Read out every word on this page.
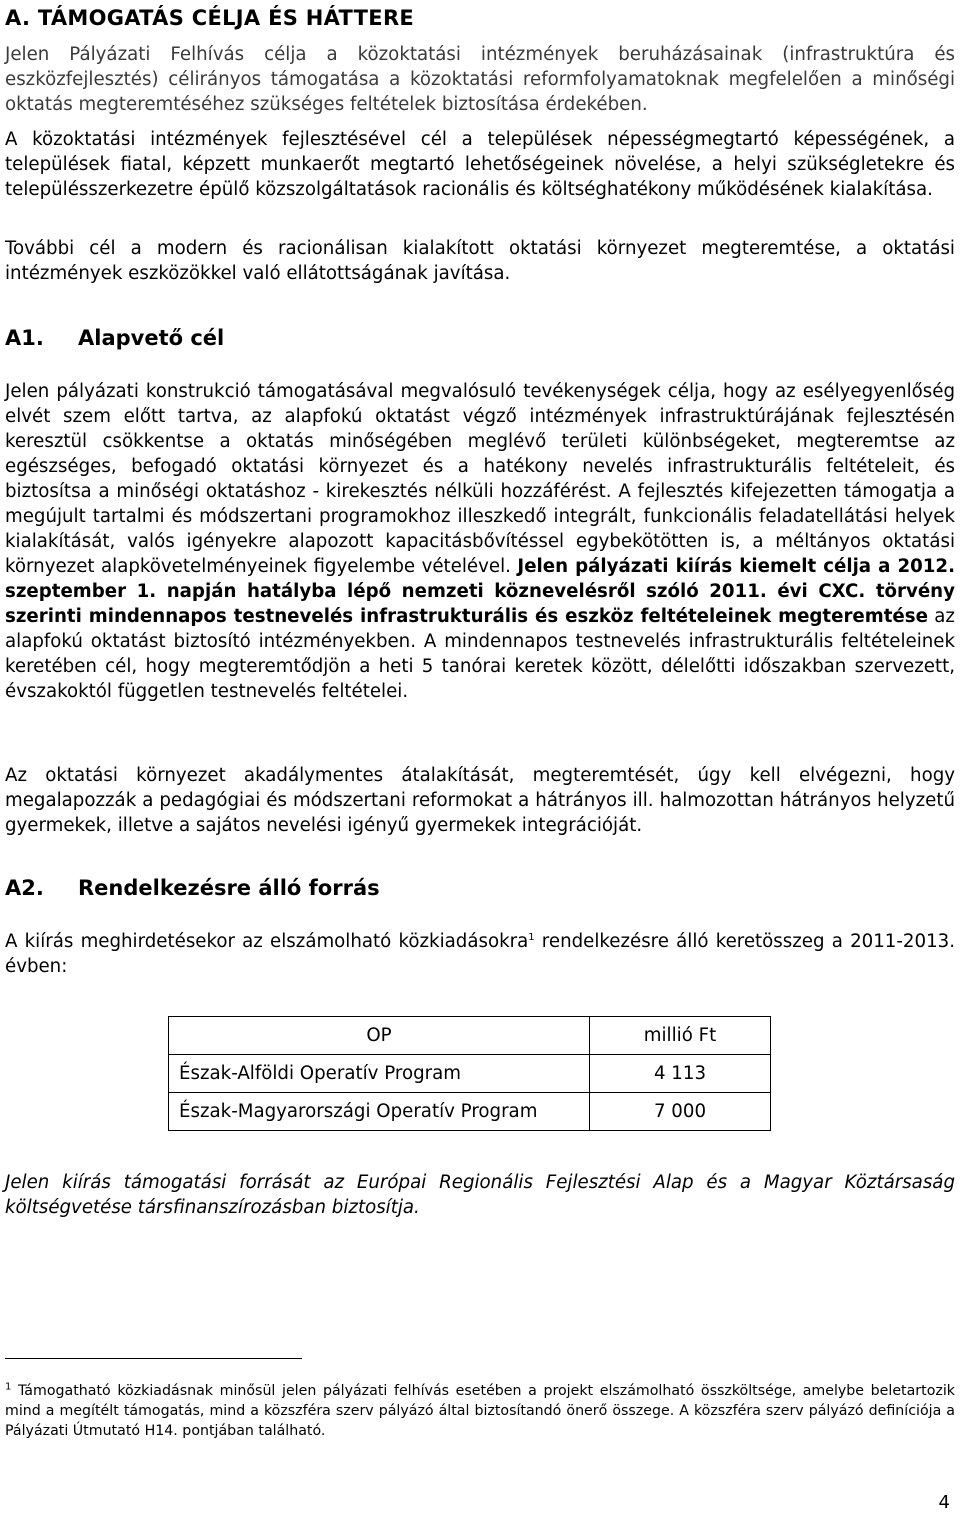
A. TÁMOGATÁS CÉLJA ÉS HÁTTERE

Jelen Pályázati Felhívás célja a közoktatási intézmények beruházásainak (infrastruktúra és eszközfejlesztés) célirányos támogatása a közoktatási reformfolyamatoknak megfelelően a minőségi oktatás megteremtéséhez szükséges feltételek biztosítása érdekében.

A közoktatási intézmények fejlesztésével cél a települések népességmegtartó képességének, a települések fiatal, képzett munkaerőt megtartó lehetőségeinek növelése, a helyi szükségletekre és településszerkezetre épülő közszolgáltatások racionális és költséghatékony működésének kialakítása.

További cél a modern és racionálisan kialakított oktatási környezet megteremtése, a oktatási intézmények eszközökkel való ellátottságának javítása.

A1. Alapvető cél

Jelen pályázati konstrukció támogatásával megvalósuló tevékenységek célja, hogy az esélyegyenlőség elvét szem előtt tartva, az alapfokú oktatást végző intézmények infrastruktúrájának fejlesztésén keresztül csökkentse a oktatás minőségében meglévő területi különbségeket, megteremtse az egészséges, befogadó oktatási környezet és a hatékony nevelés infrastrukturális feltételeit, és biztosítsa a minőségi oktatáshoz - kirekesztés nélküli hozzáférést. A fejlesztés kifejezetten támogatja a megújult tartalmi és módszertani programokhoz illeszkedő integrált, funkcionális feladatellátási helyek kialakítását, valós igényekre alapozott kapacitásbővítéssel egybekötötten is, a méltányos oktatási környezet alapkövetelményeinek figyelembe vételével. Jelen pályázati kiírás kiemelt célja a 2012. szeptember 1. napján hatályba lépő nemzeti köznevelésről szóló 2011. évi CXC. törvény szerinti mindennapos testnevelés infrastrukturális és eszköz feltételeinek megteremtése az alapfokú oktatást biztosító intézményekben. A mindennapos testnevelés infrastrukturális feltételeinek keretében cél, hogy megteremtődjön a heti 5 tanórai keretek között, délelőtti időszakban szervezett, évszakoktól független testnevelés feltételei.

Az oktatási környezet akadálymentes átalakítását, megteremtését, úgy kell elvégezni, hogy megalapozzák a pedagógiai és módszertani reformokat a hátrányos ill. halmozottan hátrányos helyzetű gyermekek, illetve a sajátos nevelési igényű gyermekek integrációját.

A2. Rendelkezésre álló forrás

A kiírás meghirdetésekor az elszámolható közkiadásokra$^1$ rendelkezésre álló keretösszeg a 2011-2013. évben:

OP	millió Ft
Észak-Alföldi Operatív Program	4 113
Észak-Magyarországi Operatív Program	7 000

Jelen kiírás támogatási forrását az Európai Regionális Fejlesztési Alap és a Magyar Köztársaság költségvetése társfinanszírozásban biztosítja.

$^1$ Támogatható közkiadásnak minősül jelen pályázati felhívás esetében a projekt elszámolható összköltsége, amelybe beletartozik mind a megítélt támogatás, mind a közszféra szerv pályázó által biztosítandó önerő összege. A közszféra szerv pályázó definíciója a Pályázati Útmutató H14. pontjában található.

4
